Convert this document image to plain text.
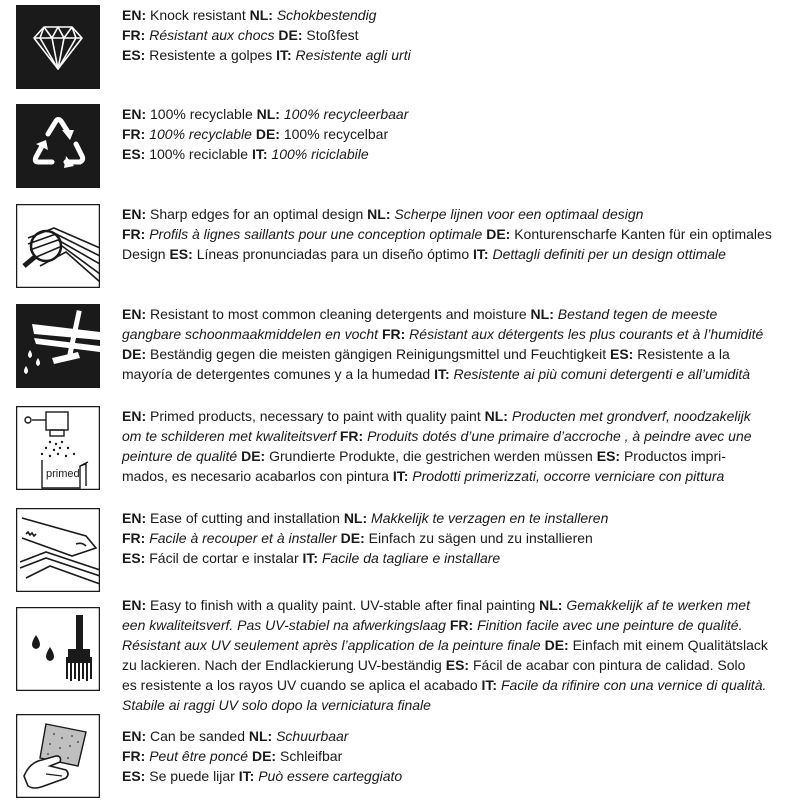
EN: Knock resistant NL: Schokbestendig

FR: Résistant aux chocs DE: Stoßfest

ES: Resistente a golpes IT: Resistente agli urti

EN: 100% recyclable NL: 100% recycleerbaar

FR: 100% recyclable DE: 100% recycelbar

ES: 100% reciclable IT: 100% riciclabile

EN: Sharp edges for an optimal design NL: Scherpe lijnen voor een optimaal design

FR: Profils à lignes saillants pour une conception optimale DE: Konturenscharfe Kanten für ein optimales

Design ES: Líneas pronunciadas para un diseño óptimo IT: Dettagli definiti per un design ottimale

EN: Resistant to most common cleaning detergents and moisture NL: Bestand tegen de meeste

gangbare schoonmaakmiddelen en vocht FR: Résistant aux détergents les plus courants et à l’humidité

DE: Beständig gegen die meisten gängigen Reinigungsmittel und Feuchtigkeit ES: Resistente a la

mayoría de detergentes comunes y a la humedad IT: Resistente ai più comuni detergenti e all’umidità

primed

EN: Primed products, necessary to paint with quality paint NL: Producten met grondverf, noodzakelijk

om te schilderen met kwaliteitsverf FR: Produits dotés d’une primaire d’accroche , à peindre avec une

peinture de qualité DE: Grundierte Produkte, die gestrichen werden müssen ES: Productos impri-

mados, es necesario acabarlos con pintura IT: Prodotti primerizzati, occorre verniciare con pittura

EN: Ease of cutting and installation NL: Makkelijk te verzagen en te installeren

FR: Facile à recouper et à installer DE: Einfach zu sägen und zu installieren

ES: Fácil de cortar e instalar IT: Facile da tagliare e installare

EN: Easy to finish with a quality paint. UV-stable after final painting NL: Gemakkelijk af te werken met

een kwaliteitsverf. Pas UV-stabiel na afwerkingslaag FR: Finition facile avec une peinture de qualité.

Résistant aux UV seulement après l’application de la peinture finale DE: Einfach mit einem Qualitätslack

zu lackieren. Nach der Endlackierung UV-beständig ES: Fácil de acabar con pintura de calidad. Solo

es resistente a los rayos UV cuando se aplica el acabado IT: Facile da rifinire con una vernice di qualità.

Stabile ai raggi UV solo dopo la verniciatura finale

EN: Can be sanded NL: Schuurbaar

FR: Peut être poncé DE: Schleifbar

ES: Se puede lijar IT: Può essere carteggiato
